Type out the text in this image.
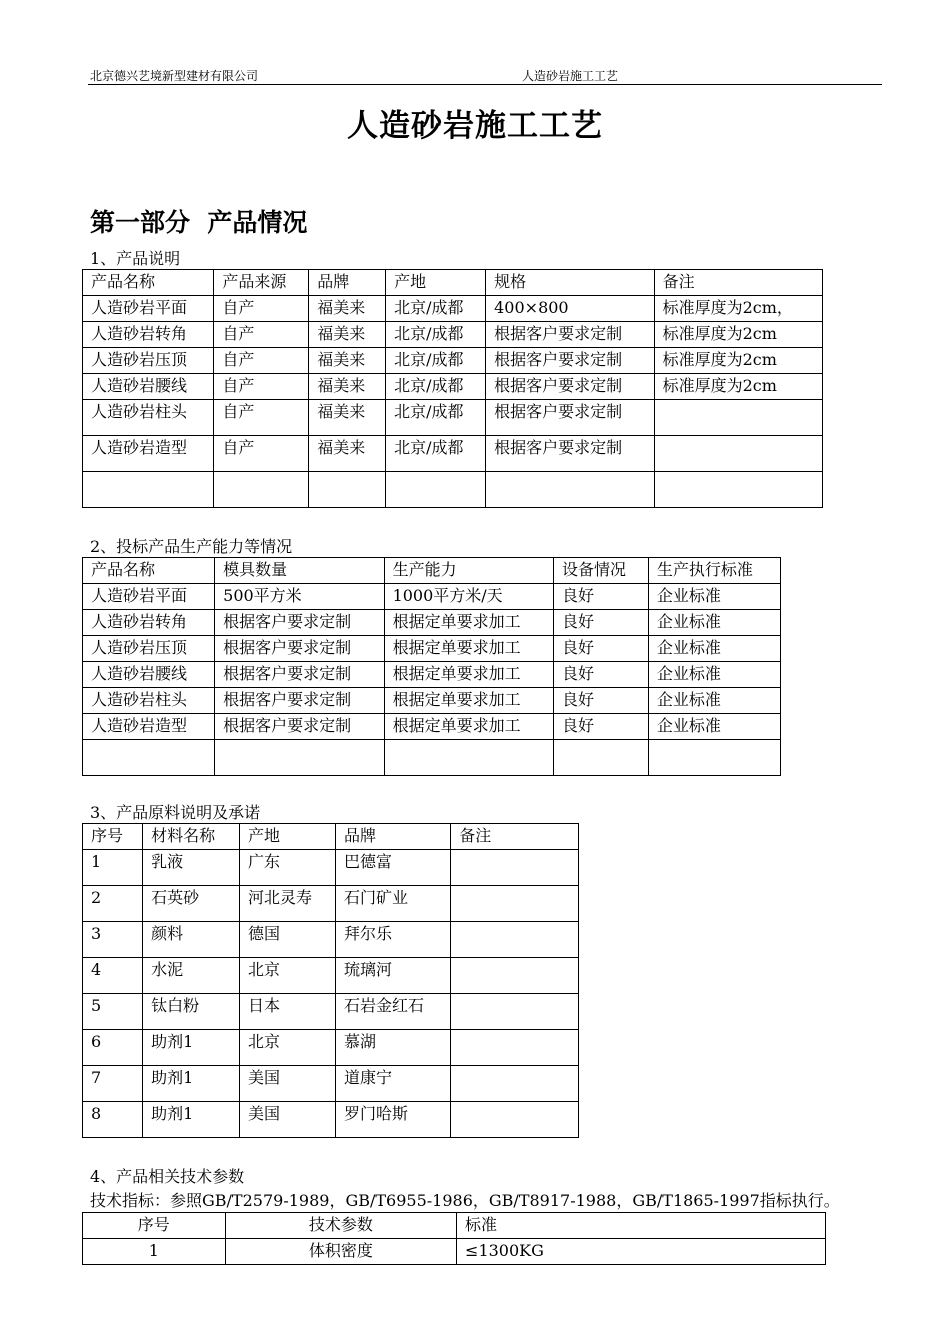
北京德兴艺境新型建材有限公司	人造砂岩施工工艺
人造砂岩施工工艺
第一部分  产品情况
1、产品说明
产品名称	产品来源	品牌	产地	规格	备注
人造砂岩平面	自产	福美来	北京/成都	400×800	标准厚度为2cm，
人造砂岩转角	自产	福美来	北京/成都	根据客户要求定制	标准厚度为2cm
人造砂岩压顶	自产	福美来	北京/成都	根据客户要求定制	标准厚度为2cm
人造砂岩腰线	自产	福美来	北京/成都	根据客户要求定制	标准厚度为2cm
人造砂岩柱头	自产	福美来	北京/成都	根据客户要求定制	
人造砂岩造型	自产	福美来	北京/成都	根据客户要求定制	

2、投标产品生产能力等情况
产品名称	模具数量	生产能力	设备情况	生产执行标准
人造砂岩平面	500平方米	1000平方米/天	良好	企业标准
人造砂岩转角	根据客户要求定制	根据定单要求加工	良好	企业标准
人造砂岩压顶	根据客户要求定制	根据定单要求加工	良好	企业标准
人造砂岩腰线	根据客户要求定制	根据定单要求加工	良好	企业标准
人造砂岩柱头	根据客户要求定制	根据定单要求加工	良好	企业标准
人造砂岩造型	根据客户要求定制	根据定单要求加工	良好	企业标准

3、产品原料说明及承诺
序号	材料名称	产地	品牌	备注
1	乳液	广东	巴德富	
2	石英砂	河北灵寿	石门矿业	
3	颜料	德国	拜尔乐	
4	水泥	北京	琉璃河	
5	钛白粉	日本	石岩金红石	
6	助剂1	北京	慕湖	
7	助剂1	美国	道康宁	
8	助剂1	美国	罗门哈斯	
4、产品相关技术参数
技术指标：参照GB/T2579-1989，GB/T6955-1986，GB/T8917-1988，GB/T1865-1997指标执行。
序号	技术参数	标准
1	体积密度	≤1300KG
